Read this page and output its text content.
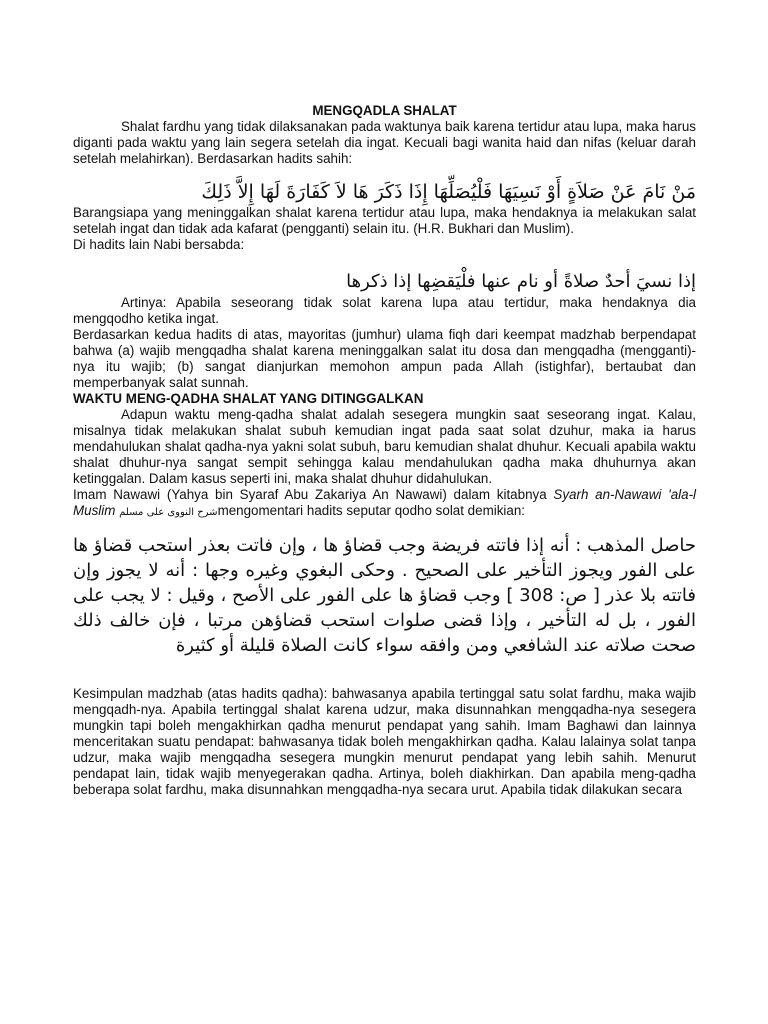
MENGQADLA SHALAT

Shalat fardhu yang tidak dilaksanakan pada waktunya baik karena tertidur atau lupa, maka harus diganti pada waktu yang lain segera setelah dia ingat. Kecuali bagi wanita haid dan nifas (keluar darah setelah melahirkan). Berdasarkan hadits sahih:

مَنْ نَامَ عَنْ صَلاَةٍ أَوْ نَسِيَهَا فَلْيُصَلِّهَا إِذَا ذَكَرَ هَا لاَ كَفَارَةَ لَهَا إِلاَّ ذَلِكَ

Barangsiapa yang meninggalkan shalat karena tertidur atau lupa, maka hendaknya ia melakukan salat setelah ingat dan tidak ada kafarat (pengganti) selain itu. (H.R. Bukhari dan Muslim).

Di hadits lain Nabi bersabda:

إذا نسيَ أحدٌ صلاةً أو نام عنها فلْيَقضِها إذا ذكرها

Artinya: Apabila seseorang tidak solat karena lupa atau tertidur, maka hendaknya dia mengqodho ketika ingat.

Berdasarkan kedua hadits di atas, mayoritas (jumhur) ulama fiqh dari keempat madzhab berpendapat bahwa (a) wajib mengqadha shalat karena meninggalkan salat itu dosa dan mengqadha (mengganti)-nya itu wajib; (b) sangat dianjurkan memohon ampun pada Allah (istighfar), bertaubat dan memperbanyak salat sunnah.

WAKTU MENG-QADHA SHALAT YANG DITINGGALKAN

Adapun waktu meng-qadha shalat adalah sesegera mungkin saat seseorang ingat. Kalau, misalnya tidak melakukan shalat subuh kemudian ingat pada saat solat dzuhur, maka ia harus mendahulukan shalat qadha-nya yakni solat subuh, baru kemudian shalat dhuhur. Kecuali apabila waktu shalat dhuhur-nya sangat sempit sehingga kalau mendahulukan qadha maka dhuhurnya akan ketinggalan. Dalam kasus seperti ini, maka shalat dhuhur didahulukan.

Imam Nawawi (Yahya bin Syaraf Abu Zakariya An Nawawi) dalam kitabnya Syarh an-Nawawi 'ala-l Muslim شرح النووى على مسلمmengomentari hadits seputar qodho solat demikian:

حاصل المذهب : أنه إذا فاتته فريضة وجب قضاؤ ها ، وإن فاتت بعذر استحب قضاؤ ها على الفور ويجوز التأخير على الصحيح . وحكى البغوي وغيره وجها : أنه لا يجوز وإن فاتته بلا عذر [ ص: 308 ] وجب قضاؤ ها على الفور على الأصح ، وقيل : لا يجب على الفور ، بل له التأخير ، وإذا قضى صلوات استحب قضاؤهن مرتبا ، فإن خالف ذلك صحت صلاته عند الشافعي ومن وافقه سواء كانت الصلاة قليلة أو كثيرة

Kesimpulan madzhab (atas hadits qadha): bahwasanya apabila tertinggal satu solat fardhu, maka wajib mengqadh-nya. Apabila tertinggal shalat karena udzur, maka disunnahkan mengqadha-nya sesegera mungkin tapi boleh mengakhirkan qadha menurut pendapat yang sahih. Imam Baghawi dan lainnya menceritakan suatu pendapat: bahwasanya tidak boleh mengakhirkan qadha. Kalau lalainya solat tanpa udzur, maka wajib mengqadha sesegera mungkin menurut pendapat yang lebih sahih. Menurut pendapat lain, tidak wajib menyegerakan qadha. Artinya, boleh diakhirkan. Dan apabila meng-qadha beberapa solat fardhu, maka disunnahkan mengqadha-nya secara urut. Apabila tidak dilakukan secara
